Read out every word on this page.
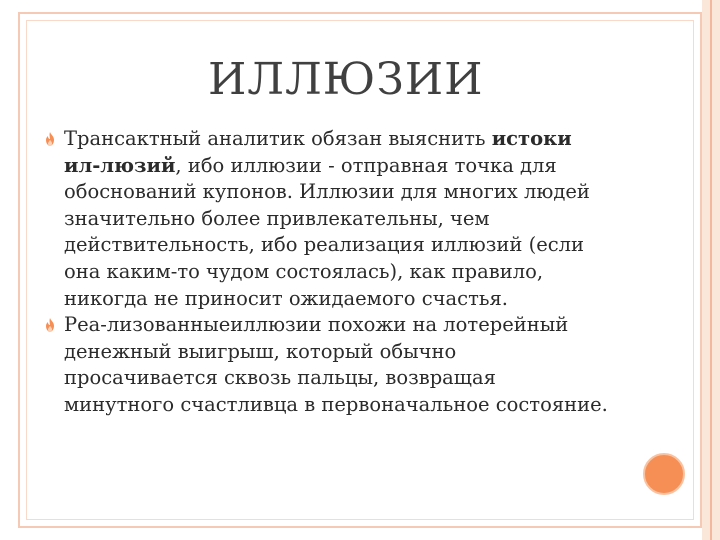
ИЛЛЮЗИИ
Трансактный аналитик обязан выяснить истоки ил-люзий, ибо иллюзии - отправная точка для обоснований купонов. Иллюзии для многих людей значительно более привлекательны, чем действительность, ибо реализация иллюзий (если она каким-то чудом состоялась), как правило, никогда не приносит ожидаемого счастья.
Реа-лизованныеиллюзии похожи на лотерейный денежный выигрыш, который обычно просачивается сквозь пальцы, возвращая минутного счастливца в первоначальное состояние.
